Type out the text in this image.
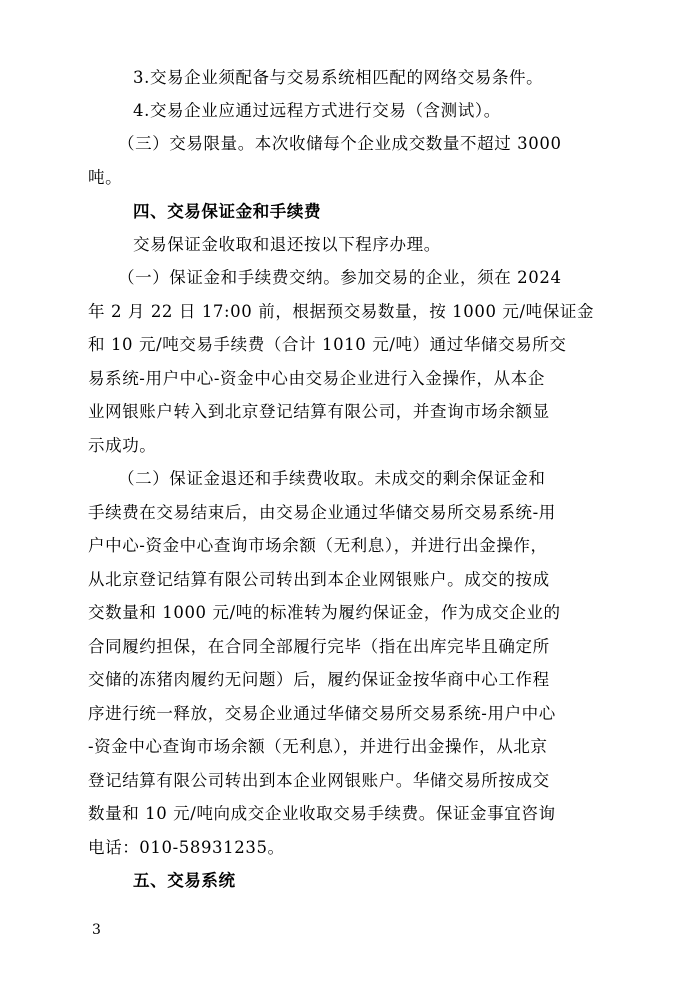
3.交易企业须配备与交易系统相匹配的网络交易条件。

4.交易企业应通过远程方式进行交易（含测试）。

（三）交易限量。本次收储每个企业成交数量不超过 3000

吨。

四、交易保证金和手续费

交易保证金收取和退还按以下程序办理。

（一）保证金和手续费交纳。参加交易的企业，须在 2024

年 2 月 22 日 17:00 前，根据预交易数量，按 1000 元/吨保证金

和 10 元/吨交易手续费（合计 1010 元/吨）通过华储交易所交

易系统-用户中心-资金中心由交易企业进行入金操作，从本企

业网银账户转入到北京登记结算有限公司，并查询市场余额显

示成功。

（二）保证金退还和手续费收取。未成交的剩余保证金和

手续费在交易结束后，由交易企业通过华储交易所交易系统-用

户中心-资金中心查询市场余额（无利息），并进行出金操作，

从北京登记结算有限公司转出到本企业网银账户。成交的按成

交数量和 1000 元/吨的标准转为履约保证金，作为成交企业的

合同履约担保，在合同全部履行完毕（指在出库完毕且确定所

交储的冻猪肉履约无问题）后，履约保证金按华商中心工作程

序进行统一释放，交易企业通过华储交易所交易系统-用户中心

-资金中心查询市场余额（无利息），并进行出金操作，从北京

登记结算有限公司转出到本企业网银账户。华储交易所按成交

数量和 10 元/吨向成交企业收取交易手续费。保证金事宜咨询

电话：010-58931235。

五、交易系统

3
